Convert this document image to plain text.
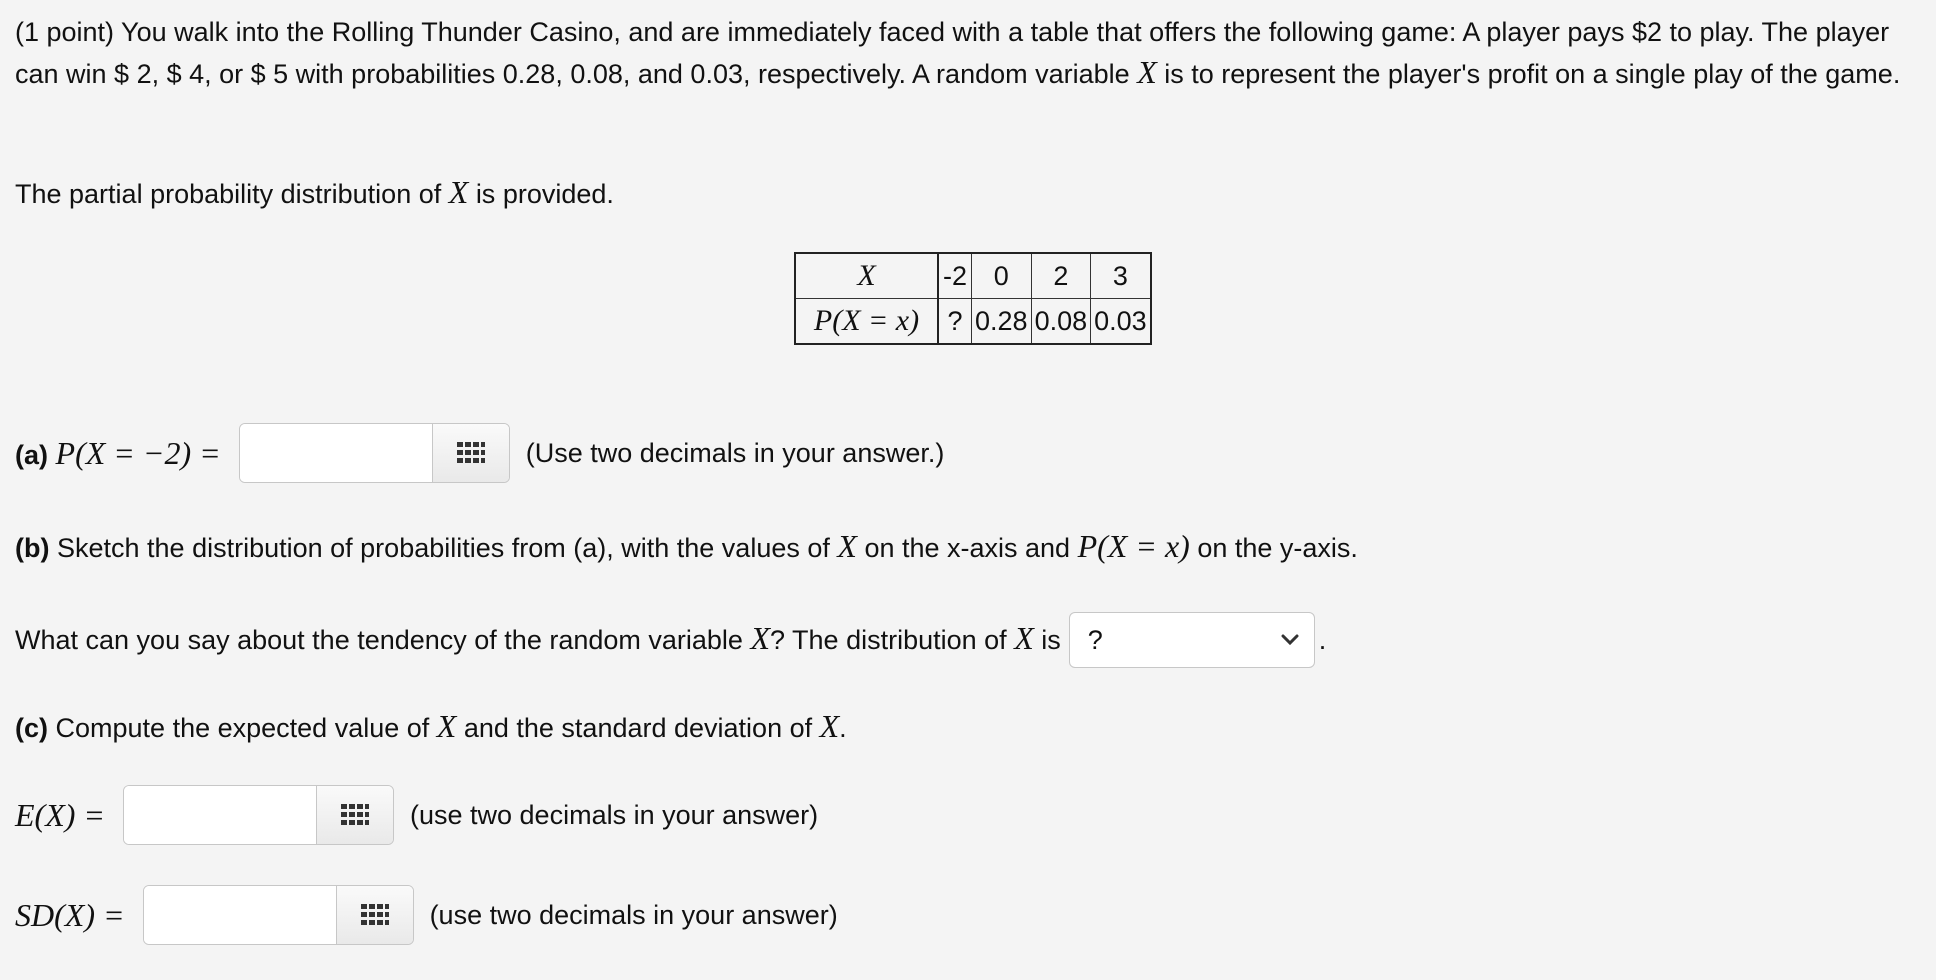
(1 point) You walk into the Rolling Thunder Casino, and are immediately faced with a table that offers the following game: A player pays $2 to play. The player can win $ 2, $ 4, or $ 5 with probabilities 0.28, 0.08, and 0.03, respectively. A random variable X is to represent the player's profit on a single play of the game.
The partial probability distribution of X is provided.
X	-2	0	2	3
P(X = x)	?	0.28	0.08	0.03
(a) P(X = −2) =	(Use two decimals in your answer.)
(b) Sketch the distribution of probabilities from (a), with the values of X on the x-axis and P(X = x) on the y-axis.
What can you say about the tendency of the random variable X? The distribution of X is ?	.
(c) Compute the expected value of X and the standard deviation of X.
E(X) =	(use two decimals in your answer)
SD(X) =	(use two decimals in your answer)
